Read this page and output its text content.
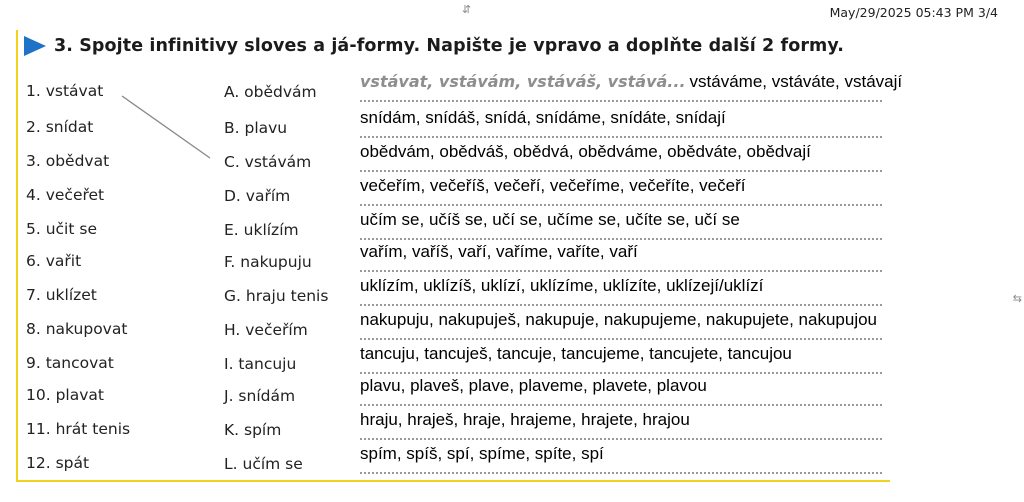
May/29/2025 05:43 PM 3/4
⇵
⇆
3. Spojte infinitivy sloves a já-formy. Napište je vpravo a doplňte další 2 formy.
1. vstávat	A. obědvám
vstávat, vstávám, vstáváš, vstává... vstáváme, vstáváte, vstávají
2. snídat	B. plavu
snídám, snídáš, snídá, snídáme, snídáte, snídají
3. obědvat	C. vstávám
obědvám, obědváš, obědvá, obědváme, obědváte, obědvají
4. večeřet	D. vařím
večeřím, večeříš, večeří, večeříme, večeříte, večeří
5. učit se	E. uklízím
učím se, učíš se, učí se, učíme se, učíte se, učí se
6. vařit	F. nakupuju
vařím, vaříš, vaří, vaříme, vaříte, vaří
7. uklízet	G. hraju tenis
uklízím, uklízíš, uklízí, uklízíme, uklízíte, uklízejí/uklízí
8. nakupovat	H. večeřím
nakupuju, nakupuješ, nakupuje, nakupujeme, nakupujete, nakupujou
9. tancovat	I. tancuju
tancuju, tancuješ, tancuje, tancujeme, tancujete, tancujou
10. plavat	J. snídám
plavu, plaveš, plave, plaveme, plavete, plavou
11. hrát tenis	K. spím
hraju, hraješ, hraje, hrajeme, hrajete, hrajou
12. spát	L. učím se
spím, spíš, spí, spíme, spíte, spí
